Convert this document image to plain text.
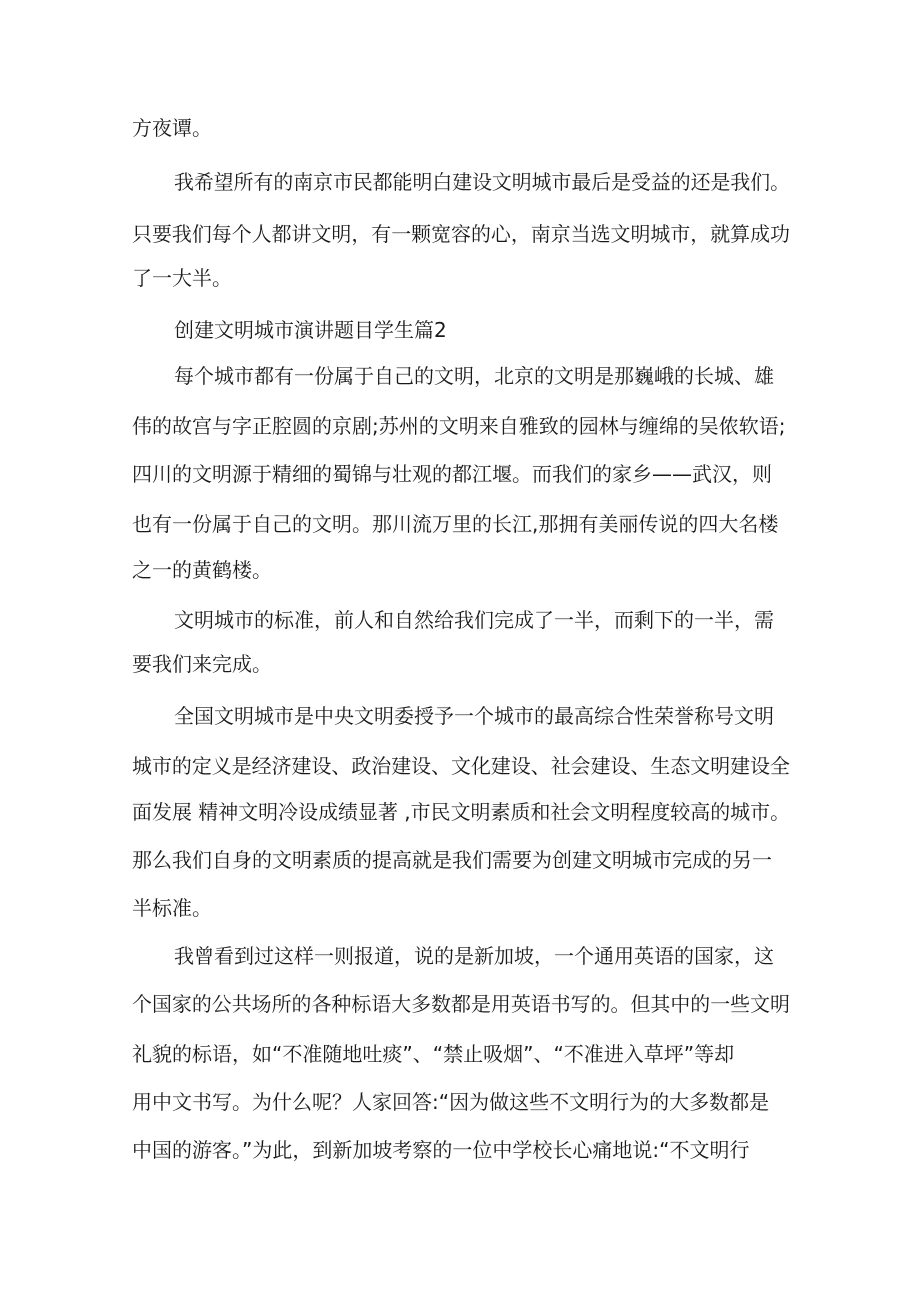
方夜谭。
我希望所有的南京市民都能明白建设文明城市最后是受益的还是我们。
只要我们每个人都讲文明，有一颗宽容的心，南京当选文明城市，就算成功
了一大半。
创建文明城市演讲题目学生篇2
每个城市都有一份属于自己的文明，北京的文明是那巍峨的长城、雄
伟的故宫与字正腔圆的京剧;苏州的文明来自雅致的园林与缠绵的吴侬软语;
四川的文明源于精细的蜀锦与壮观的都江堰。而我们的家乡——武汉，则
也有一份属于自己的文明。那川流万里的长江,那拥有美丽传说的四大名楼
之一的黄鹤楼。
文明城市的标准，前人和自然给我们完成了一半，而剩下的一半，需
要我们来完成。
全国文明城市是中央文明委授予一个城市的最高综合性荣誉称号文明
城市的定义是经济建设、政治建设、文化建设、社会建设、生态文明建设全
面发展 精神文明冷设成绩显著 ,市民文明素质和社会文明程度较高的城市。
那么我们自身的文明素质的提高就是我们需要为创建文明城市完成的另一
半标准。
我曾看到过这样一则报道，说的是新加坡，一个通用英语的国家，这
个国家的公共场所的各种标语大多数都是用英语书写的。但其中的一些文明
礼貌的标语，如“不准随地吐痰”、“禁止吸烟”、“不准进入草坪”等却
用中文书写。为什么呢？人家回答:“因为做这些不文明行为的大多数都是
中国的游客。”为此，到新加坡考察的一位中学校长心痛地说:“不文明行
